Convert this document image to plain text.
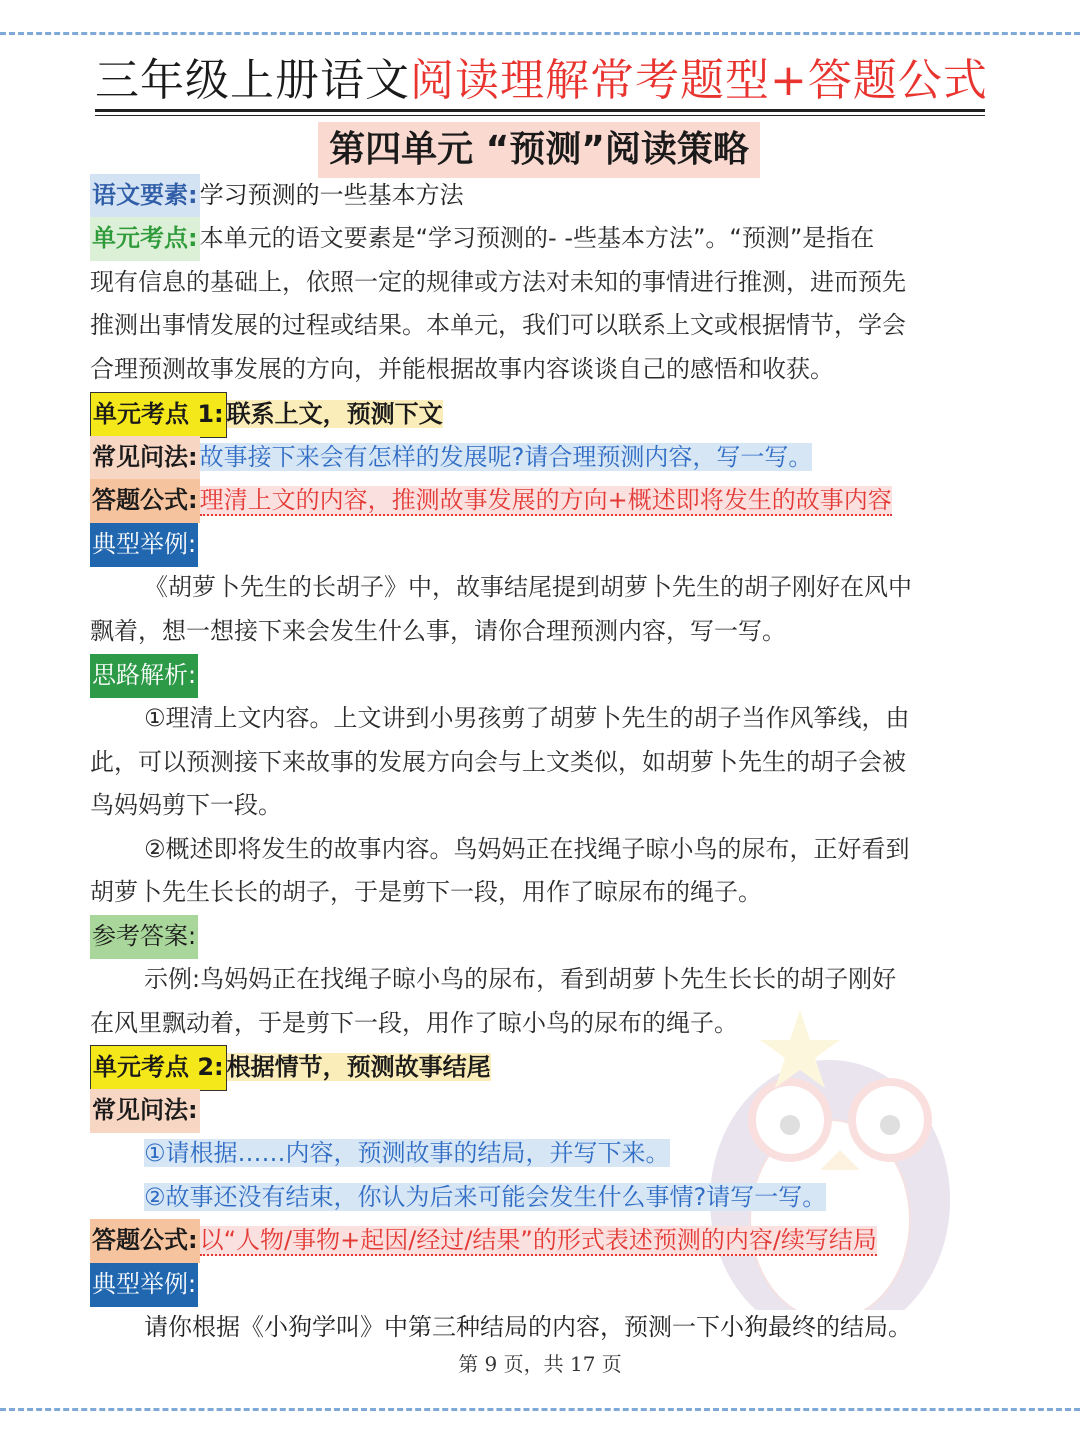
三年级上册语文阅读理解常考题型+答题公式
第四单元 “预测”阅读策略
语文要素:学习预测的一些基本方法

单元考点:本单元的语文要素是“学习预测的- -些基本方法”。“预测”是指在

现有信息的基础上，依照一定的规律或方法对未知的事情进行推测，进而预先

推测出事情发展的过程或结果。本单元，我们可以联系上文或根据情节，学会

合理预测故事发展的方向，并能根据故事内容谈谈自己的感悟和收获。

单元考点 1: 联系上文，预测下文
常见问法:故事接下来会有怎样的发展呢?请合理预测内容，写一写。
答题公式:理清上文的内容，推测故事发展的方向+概述即将发生的故事内容
典型举例:

《胡萝卜先生的长胡子》中，故事结尾提到胡萝卜先生的胡子刚好在风中

飘着，想一想接下来会发生什么事，请你合理预测内容，写一写。

思路解析:

①理清上文内容。上文讲到小男孩剪了胡萝卜先生的胡子当作风筝线，由

此，可以预测接下来故事的发展方向会与上文类似，如胡萝卜先生的胡子会被

鸟妈妈剪下一段。

②概述即将发生的故事内容。鸟妈妈正在找绳子晾小鸟的尿布，正好看到

胡萝卜先生长长的胡子，于是剪下一段，用作了晾尿布的绳子。

参考答案:

示例:鸟妈妈正在找绳子晾小鸟的尿布，看到胡萝卜先生长长的胡子刚好

在风里飘动着，于是剪下一段，用作了晾小鸟的尿布的绳子。

单元考点 2: 根据情节，预测故事结尾
常见问法:
①请根据……内容，预测故事的结局，并写下来。
②故事还没有结束，你认为后来可能会发生什么事情?请写一写。
答题公式:以“人物/事物+起因/经过/结果”的形式表述预测的内容/续写结局
典型举例:
请你根据《小狗学叫》中第三种结局的内容，预测一下小狗最终的结局。
第 9 页，共 17 页
